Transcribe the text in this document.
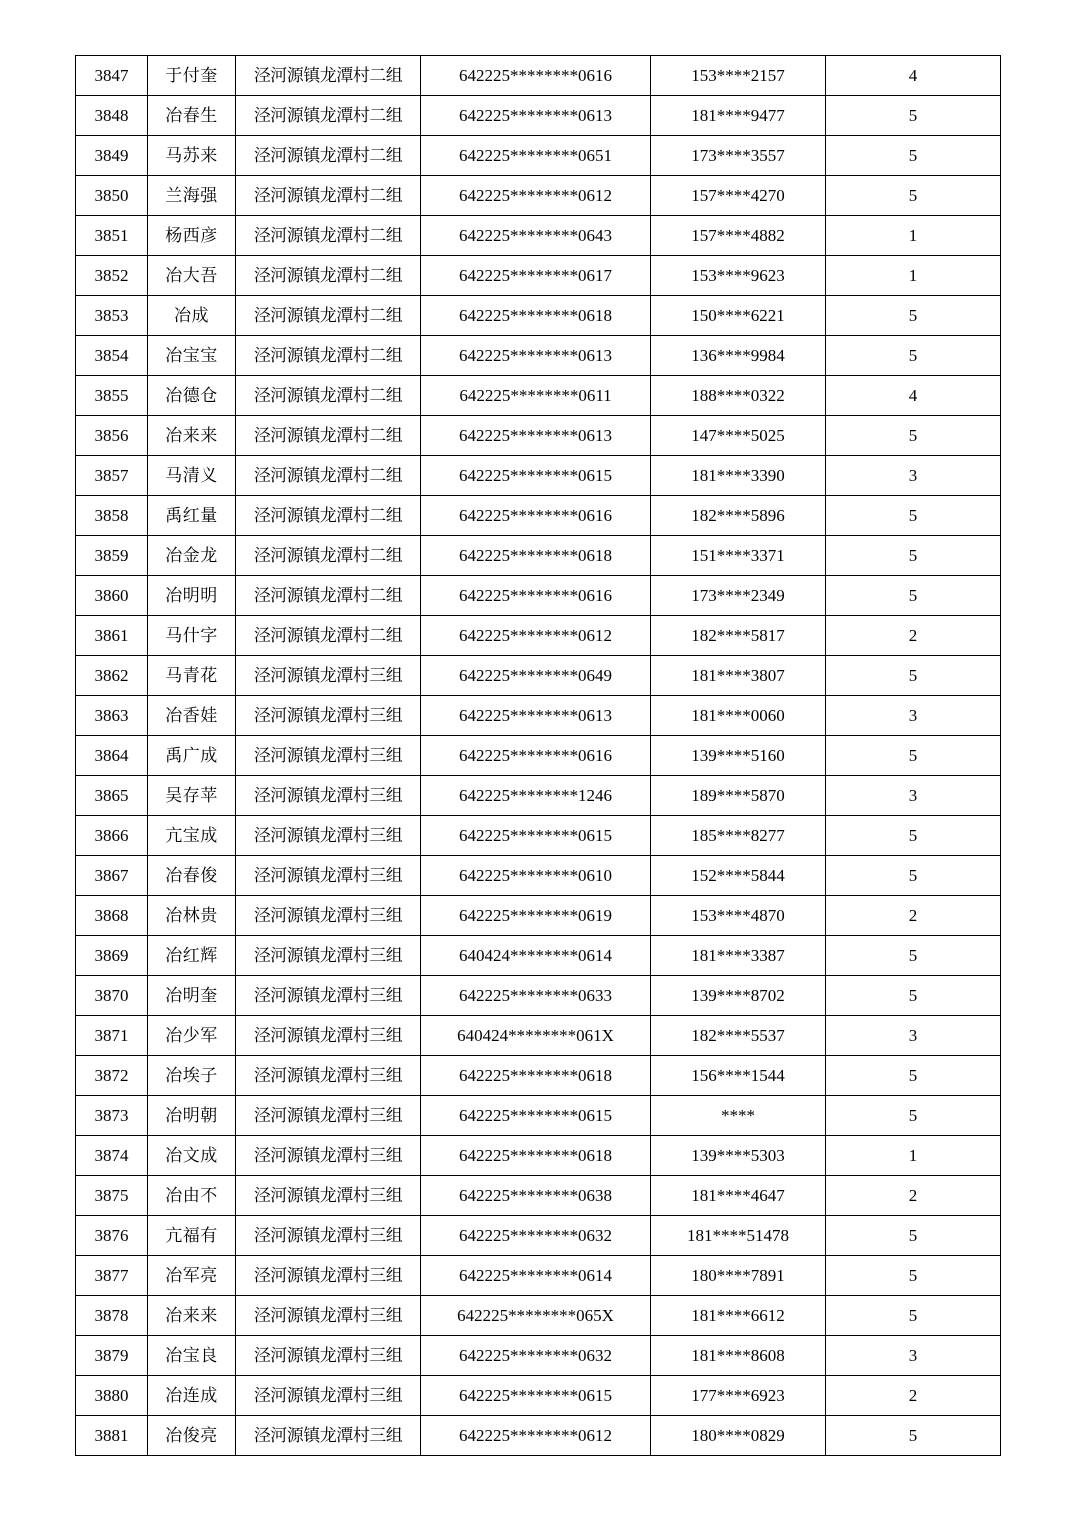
3847	于付奎	泾河源镇龙潭村二组	642225********0616	153****2157	4
3848	冶春生	泾河源镇龙潭村二组	642225********0613	181****9477	5
3849	马苏来	泾河源镇龙潭村二组	642225********0651	173****3557	5
3850	兰海强	泾河源镇龙潭村二组	642225********0612	157****4270	5
3851	杨西彦	泾河源镇龙潭村二组	642225********0643	157****4882	1
3852	冶大吾	泾河源镇龙潭村二组	642225********0617	153****9623	1
3853	冶成	泾河源镇龙潭村二组	642225********0618	150****6221	5
3854	冶宝宝	泾河源镇龙潭村二组	642225********0613	136****9984	5
3855	冶德仓	泾河源镇龙潭村二组	642225********0611	188****0322	4
3856	冶来来	泾河源镇龙潭村二组	642225********0613	147****5025	5
3857	马清义	泾河源镇龙潭村二组	642225********0615	181****3390	3
3858	禹红量	泾河源镇龙潭村二组	642225********0616	182****5896	5
3859	冶金龙	泾河源镇龙潭村二组	642225********0618	151****3371	5
3860	冶明明	泾河源镇龙潭村二组	642225********0616	173****2349	5
3861	马什字	泾河源镇龙潭村二组	642225********0612	182****5817	2
3862	马青花	泾河源镇龙潭村三组	642225********0649	181****3807	5
3863	冶香娃	泾河源镇龙潭村三组	642225********0613	181****0060	3
3864	禹广成	泾河源镇龙潭村三组	642225********0616	139****5160	5
3865	吴存苹	泾河源镇龙潭村三组	642225********1246	189****5870	3
3866	亢宝成	泾河源镇龙潭村三组	642225********0615	185****8277	5
3867	冶春俊	泾河源镇龙潭村三组	642225********0610	152****5844	5
3868	冶林贵	泾河源镇龙潭村三组	642225********0619	153****4870	2
3869	冶红辉	泾河源镇龙潭村三组	640424********0614	181****3387	5
3870	冶明奎	泾河源镇龙潭村三组	642225********0633	139****8702	5
3871	冶少军	泾河源镇龙潭村三组	640424********061X	182****5537	3
3872	冶埃子	泾河源镇龙潭村三组	642225********0618	156****1544	5
3873	冶明朝	泾河源镇龙潭村三组	642225********0615	****	5
3874	冶文成	泾河源镇龙潭村三组	642225********0618	139****5303	1
3875	冶由不	泾河源镇龙潭村三组	642225********0638	181****4647	2
3876	亢福有	泾河源镇龙潭村三组	642225********0632	181****51478	5
3877	冶军亮	泾河源镇龙潭村三组	642225********0614	180****7891	5
3878	冶来来	泾河源镇龙潭村三组	642225********065X	181****6612	5
3879	冶宝良	泾河源镇龙潭村三组	642225********0632	181****8608	3
3880	冶连成	泾河源镇龙潭村三组	642225********0615	177****6923	2
3881	冶俊亮	泾河源镇龙潭村三组	642225********0612	180****0829	5
